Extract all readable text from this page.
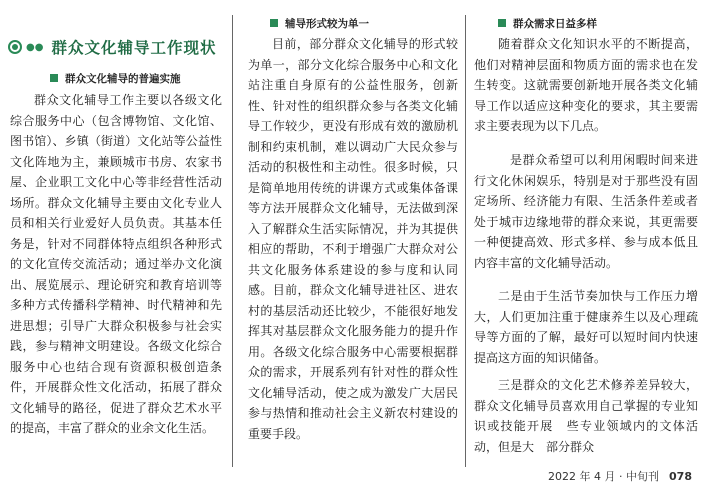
●● 群众文化辅导工作现状
群众文化辅导的普遍实施

群众文化辅导工作主要以各级文化综合服务中心（包含博物馆、文化馆、图书馆）、乡镇（街道）文化站等公益性文化阵地为主，兼顾城市书房、农家书屋、企业职工文化中心等非经营性活动场所。群众文化辅导主要由文化专业人员和相关行业爱好人员负责。其基本任务是，针对不同群体特点组织各种形式的文化宣传交流活动；通过举办文化演出、展览展示、理论研究和教育培训等多种方式传播科学精神、时代精神和先进思想；引导广大群众积极参与社会实践，参与精神文明建设。各级文化综合服务中心也结合现有资源积极创造条件，开展群众性文化活动，拓展了群众文化辅导的路径，促进了群众艺术水平的提高，丰富了群众的业余文化生活。

辅导形式较为单一

目前，部分群众文化辅导的形式较为单一，部分文化综合服务中心和文化站注重自身原有的公益性服务，创新性、针对性的组织群众参与各类文化辅导工作较少，更没有形成有效的激励机制和约束机制，难以调动广大民众参与活动的积极性和主动性。很多时候，只是简单地用传统的讲课方式或集体备课等方法开展群众文化辅导，无法做到深入了解群众生活实际情况，并为其提供相应的帮助，不利于增强广大群众对公共文化服务体系建设的参与度和认同感。目前，群众文化辅导进社区、进农村的基层活动还比较少，不能很好地发挥其对基层群众文化服务能力的提升作用。各级文化综合服务中心需要根据群众的需求，开展系列有针对性的群众性文化辅导活动，使之成为激发广大居民参与热情和推动社会主义新农村建设的重要手段。

群众需求日益多样

随着群众文化知识水平的不断提高，他们对精神层面和物质方面的需求也在发生转变。这就需要创新地开展各类文化辅导工作以适应这种变化的要求，其主要需求主要表现为以下几点。

是群众希望可以利用闲暇时间来进行文化休闲娱乐，特别是对于那些没有固定场所、经济能力有限、生活条件差或者处于城市边缘地带的群众来说，其更需要一种便捷高效、形式多样、参与成本低且内容丰富的文化辅导活动。

二是由于生活节奏加快与工作压力增大，人们更加注重于健康养生以及心理疏导等方面的了解，最好可以短时间内快速提高这方面的知识储备。

三是群众的文化艺术修养差异较大，群众文化辅导员喜欢用自己掌握的专业知识或技能开展　些专业领域内的文体活动，但是大　部分群众

2022 年 4 月 · 中旬刊 078
